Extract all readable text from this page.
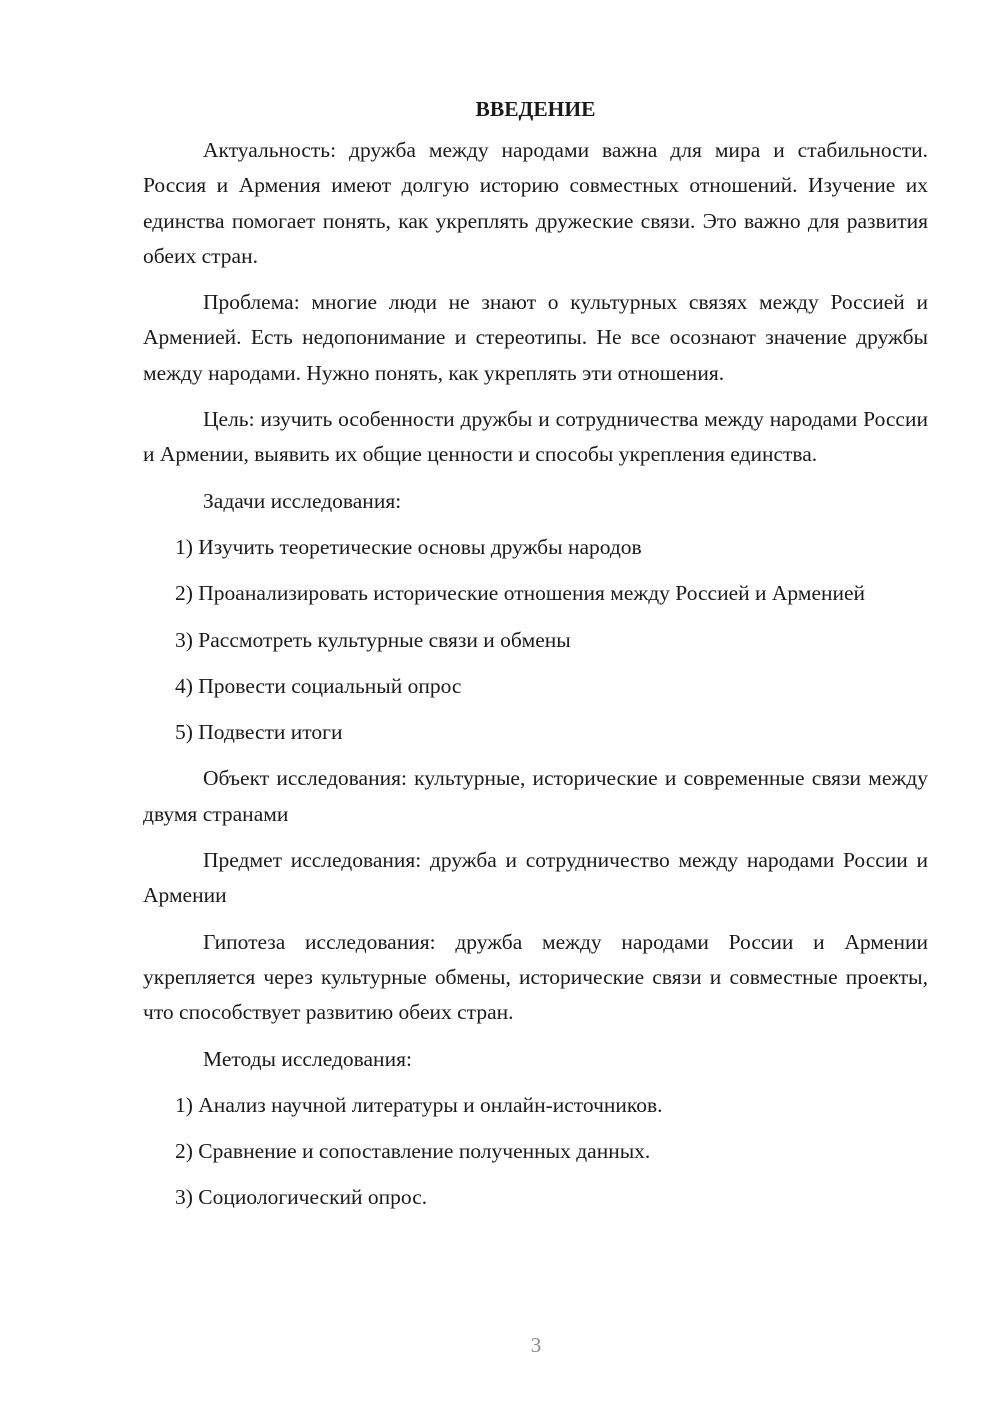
ВВЕДЕНИЕ

Актуальность: дружба между народами важна для мира и стабильности. Россия и Армения имеют долгую историю совместных отношений. Изучение их единства помогает понять, как укреплять дружеские связи. Это важно для развития обеих стран.

Проблема: многие люди не знают о культурных связях между Россией и Арменией. Есть недопонимание и стереотипы. Не все осознают значение дружбы между народами. Нужно понять, как укреплять эти отношения.

Цель: изучить особенности дружбы и сотрудничества между народами России и Армении, выявить их общие ценности и способы укрепления единства.

Задачи исследования:

1) Изучить теоретические основы дружбы народов

2) Проанализировать исторические отношения между Россией и Арменией

3) Рассмотреть культурные связи и обмены

4) Провести социальный опрос

5) Подвести итоги

Объект исследования: культурные, исторические и современные связи между двумя странами

Предмет исследования: дружба и сотрудничество между народами России и Армении

Гипотеза исследования: дружба между народами России и Армении укрепляется через культурные обмены, исторические связи и совместные проекты, что способствует развитию обеих стран.

Методы исследования:

1) Анализ научной литературы и онлайн-источников.

2) Сравнение и сопоставление полученных данных.

3) Социологический опрос.

3
